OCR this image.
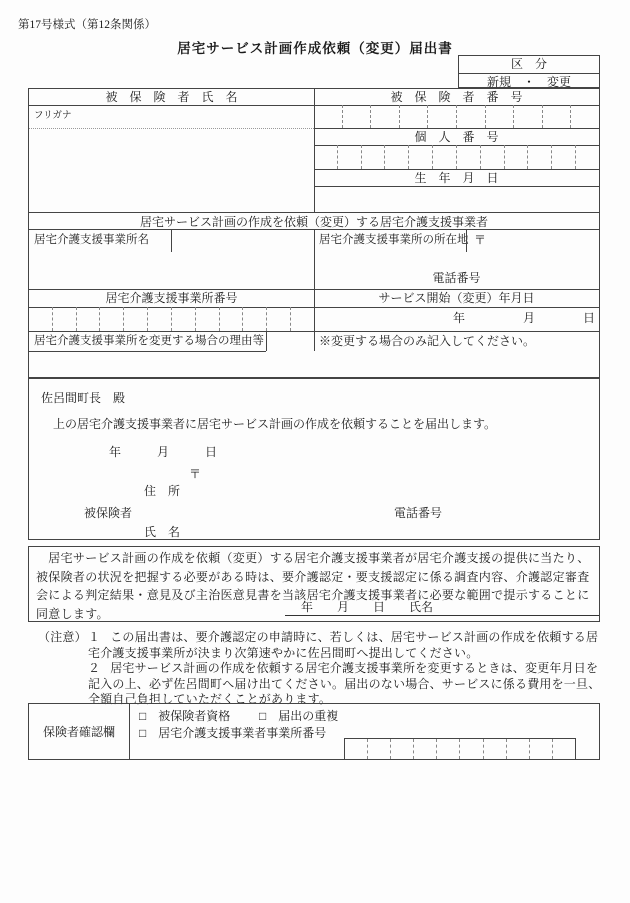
第17号様式（第12条関係）
居宅サービス計画作成依頼（変更）届出書
区　分
新規　・　変更
被　保　険　者　氏　名	被　保　険　者　番　号
フリガナ
個　人　番　号
生　年　月　日
居宅サービス計画の作成を依頼（変更）する居宅介護支援事業者
居宅介護支援事業所名	居宅介護支援事業所の所在地 〒
電話番号
居宅介護支援事業所番号	サービス開始（変更）年月日
年	月	日
居宅介護支援事業所を変更する場合の理由等	※変更する場合のみ記入してください。
佐呂間町長　殿
上の居宅介護支援事業者に居宅サービス計画の作成を依頼することを届出します。
年　　　月　　　日
〒
住　所
被保険者	電話番号
氏　名
　居宅サービス計画の作成を依頼（変更）する居宅介護支援事業者が居宅介護支援の提供に当たり、被保険者の状況を把握する必要がある時は、要介護認定・要支援認定に係る調査内容、介護認定審査会による判定結果・意見及び主治医意見書を当該居宅介護支援事業者に必要な範囲で提示することに同意します。	年　　月　　日　　氏名
（注意） １ この届出書は、要介護認定の申請時に、若しくは、居宅サービス計画の作成を依頼する居宅介護支援事業所が決まり次第速やかに佐呂間町へ提出してください。
２ 居宅サービス計画の作成を依頼する居宅介護支援事業所を変更するときは、変更年月日を記入の上、必ず佐呂間町へ届け出てください。届出のない場合、サービスに係る費用を一旦、全額自己負担していただくことがあります。
保険者確認欄
□　 被保険者資格 □　 届出の重複
□　 居宅介護支援事業者事業所番号
